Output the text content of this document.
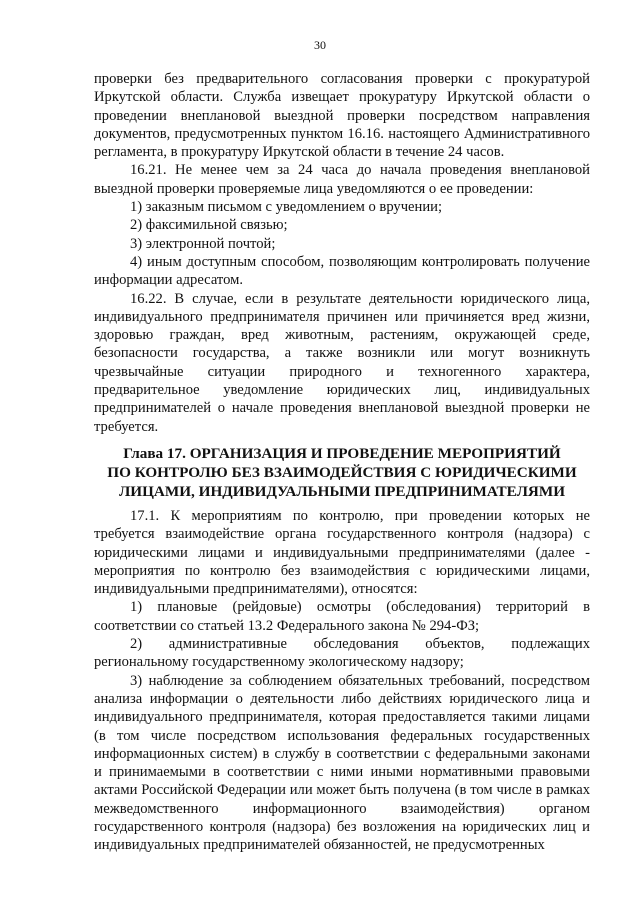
30

проверки без предварительного согласования проверки с прокуратурой Иркутской области. Служба извещает прокуратуру Иркутской области о проведении внеплановой выездной проверки посредством направления документов, предусмотренных пунктом 16.16. настоящего Административного регламента, в прокуратуру Иркутской области в течение 24 часов.

16.21. Не менее чем за 24 часа до начала проведения внеплановой выездной проверки проверяемые лица уведомляются о ее проведении:

1) заказным письмом с уведомлением о вручении;

2) факсимильной связью;

3) электронной почтой;

4) иным доступным способом, позволяющим контролировать получение информации адресатом.

16.22. В случае, если в результате деятельности юридического лица, индивидуального предпринимателя причинен или причиняется вред жизни, здоровью граждан, вред животным, растениям, окружающей среде, безопасности государства, а также возникли или могут возникнуть чрезвычайные ситуации природного и техногенного характера, предварительное уведомление юридических лиц, индивидуальных предпринимателей о начале проведения внеплановой выездной проверки не требуется.

Глава 17. ОРГАНИЗАЦИЯ И ПРОВЕДЕНИЕ МЕРОПРИЯТИЙ
ПО КОНТРОЛЮ БЕЗ ВЗАИМОДЕЙСТВИЯ С ЮРИДИЧЕСКИМИ
ЛИЦАМИ, ИНДИВИДУАЛЬНЫМИ ПРЕДПРИНИМАТЕЛЯМИ

17.1. К мероприятиям по контролю, при проведении которых не требуется взаимодействие органа государственного контроля (надзора) с юридическими лицами и индивидуальными предпринимателями (далее - мероприятия по контролю без взаимодействия с юридическими лицами, индивидуальными предпринимателями), относятся:

1) плановые (рейдовые) осмотры (обследования) территорий в соответствии со статьей 13.2 Федерального закона № 294-ФЗ;

2) административные обследования объектов, подлежащих региональному государственному экологическому надзору;

3) наблюдение за соблюдением обязательных требований, посредством анализа информации о деятельности либо действиях юридического лица и индивидуального предпринимателя, которая предоставляется такими лицами (в том числе посредством использования федеральных государственных информационных систем) в службу в соответствии с федеральными законами и принимаемыми в соответствии с ними иными нормативными правовыми актами Российской Федерации или может быть получена (в том числе в рамках межведомственного информационного взаимодействия) органом государственного контроля (надзора) без возложения на юридических лиц и индивидуальных предпринимателей обязанностей, не предусмотренных
